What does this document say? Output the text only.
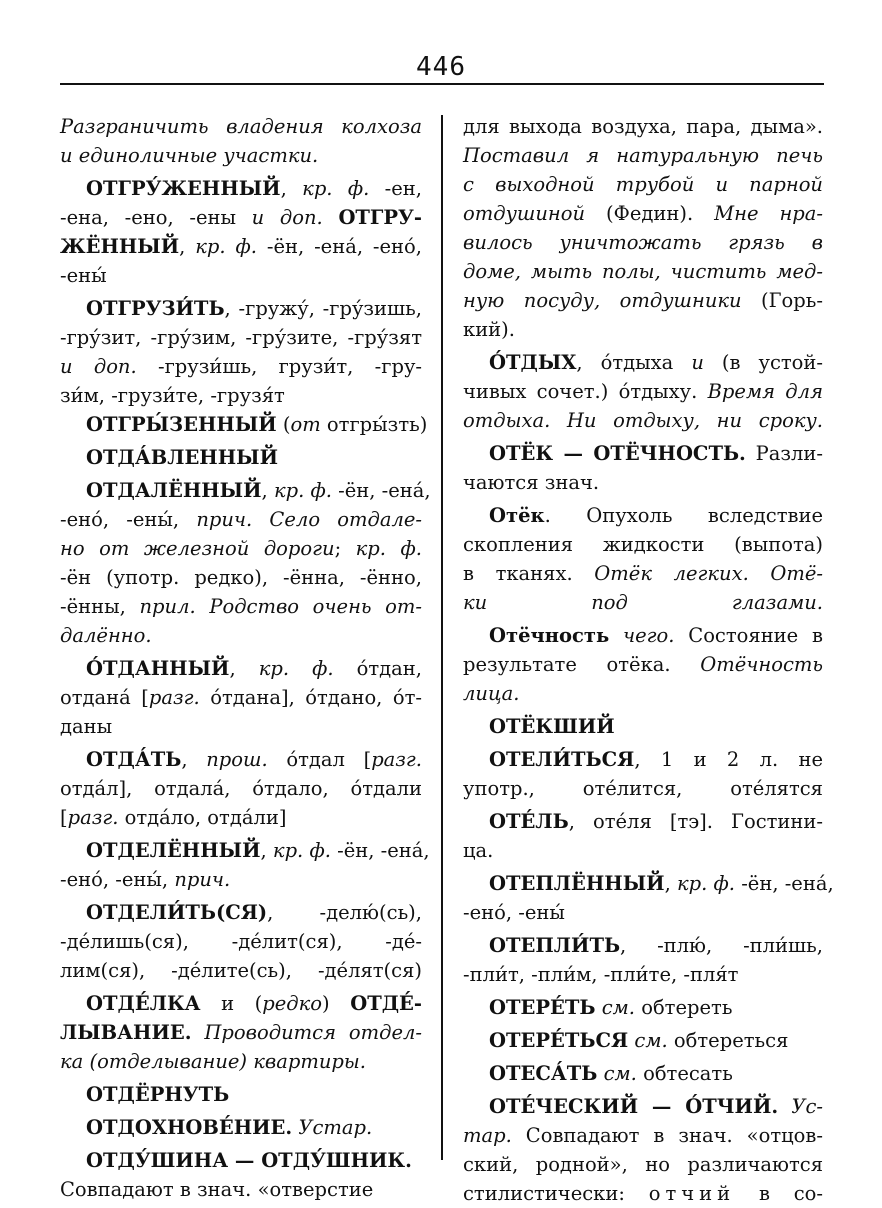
446
Разграничить владения колхоза
и единоличные участки.
ОТГРУ́ЖЕННЫЙ, кр. ф. -ен,
-ена, -ено, -ены и доп. ОТГРУ-
ЖЁННЫЙ, кр. ф. -ён, -ена́, -ено́,
-ены́
ОТГРУЗИ́ТЬ, -гружу́, -гру́зишь,
-гру́зит, -гру́зим, -гру́зите, -гру́зят
и доп. -грузи́шь, грузи́т, -гру-
зи́м, -грузи́те, -грузя́т
ОТГРЫ́ЗЕННЫЙ (от отгры́зть)
ОТДА́ВЛЕННЫЙ
ОТДАЛЁННЫЙ, кр. ф. -ён, -ена́,
-ено́, -ены́, прич. Село отдале-
но от железной дороги; кр. ф.
-ён (употр. редко), -ённа, -ённо,
-ённы, прил. Родство очень от-
далённо.
О́ТДАННЫЙ, кр. ф. о́тдан,
отдана́ [разг. о́тдана], о́тдано, о́т-
даны
ОТДА́ТЬ, прош. о́тдал [разг.
отда́л], отдала́, о́тдало, о́тдали
[разг. отда́ло, отда́ли]
ОТДЕЛЁННЫЙ, кр. ф. -ён, -ена́,
-ено́, -ены́, прич.
ОТДЕЛИ́ТЬ(СЯ), -делю́(сь),
-де́лишь(ся), -де́лит(ся), -де́-
лим(ся), -де́лите(сь), -де́лят(ся)
ОТДЕ́ЛКА и (редко) ОТДЕ́-
ЛЫВАНИЕ. Проводится отдел-
ка (отделывание) квартиры.
ОТДЁРНУТЬ
ОТДОХНОВЕ́НИЕ. Устар.
ОТДУ́ШИНА — ОТДУ́ШНИК.
Совпадают в знач. «отверстие
для выхода воздуха, пара, дыма».
Поставил я натуральную печь
с выходной трубой и парной
отдушиной (Федин). Мне нра-
вилось уничтожать грязь в
доме, мыть полы, чистить мед-
ную посуду, отдушники (Горь-
кий).
О́ТДЫХ, о́тдыха и (в устой-
чивых сочет.) о́тдыху. Время для
отдыха. Ни отдыху, ни сроку.
ОТЁК — ОТЁЧНОСТЬ. Разли-
чаются знач.
Отёк. Опухоль вследствие
скопления жидкости (выпота)
в тканях. Отёк легких. Отё-
ки под глазами.
Отёчность чего. Состояние в
результате отёка. Отёчность
лица.
ОТЁКШИЙ
ОТЕЛИ́ТЬСЯ, 1 и 2 л. не
употр., оте́лится, оте́лятся
ОТЕ́ЛЬ, оте́ля [тэ]. Гостини-
ца.
ОТЕПЛЁННЫЙ, кр. ф. -ён, -ена́,
-ено́, -ены́
ОТЕПЛИ́ТЬ, -плю́, -пли́шь,
-пли́т, -пли́м, -пли́те, -пля́т
ОТЕРЕ́ТЬ см. обтереть
ОТЕРЕ́ТЬСЯ см. обтереться
ОТЕСА́ТЬ см. обтесать
ОТЕ́ЧЕСКИЙ — О́ТЧИЙ. Ус-
тар. Совпадают в знач. «отцов-
ский, родной», но различаются
стилистически: отчий в со-
